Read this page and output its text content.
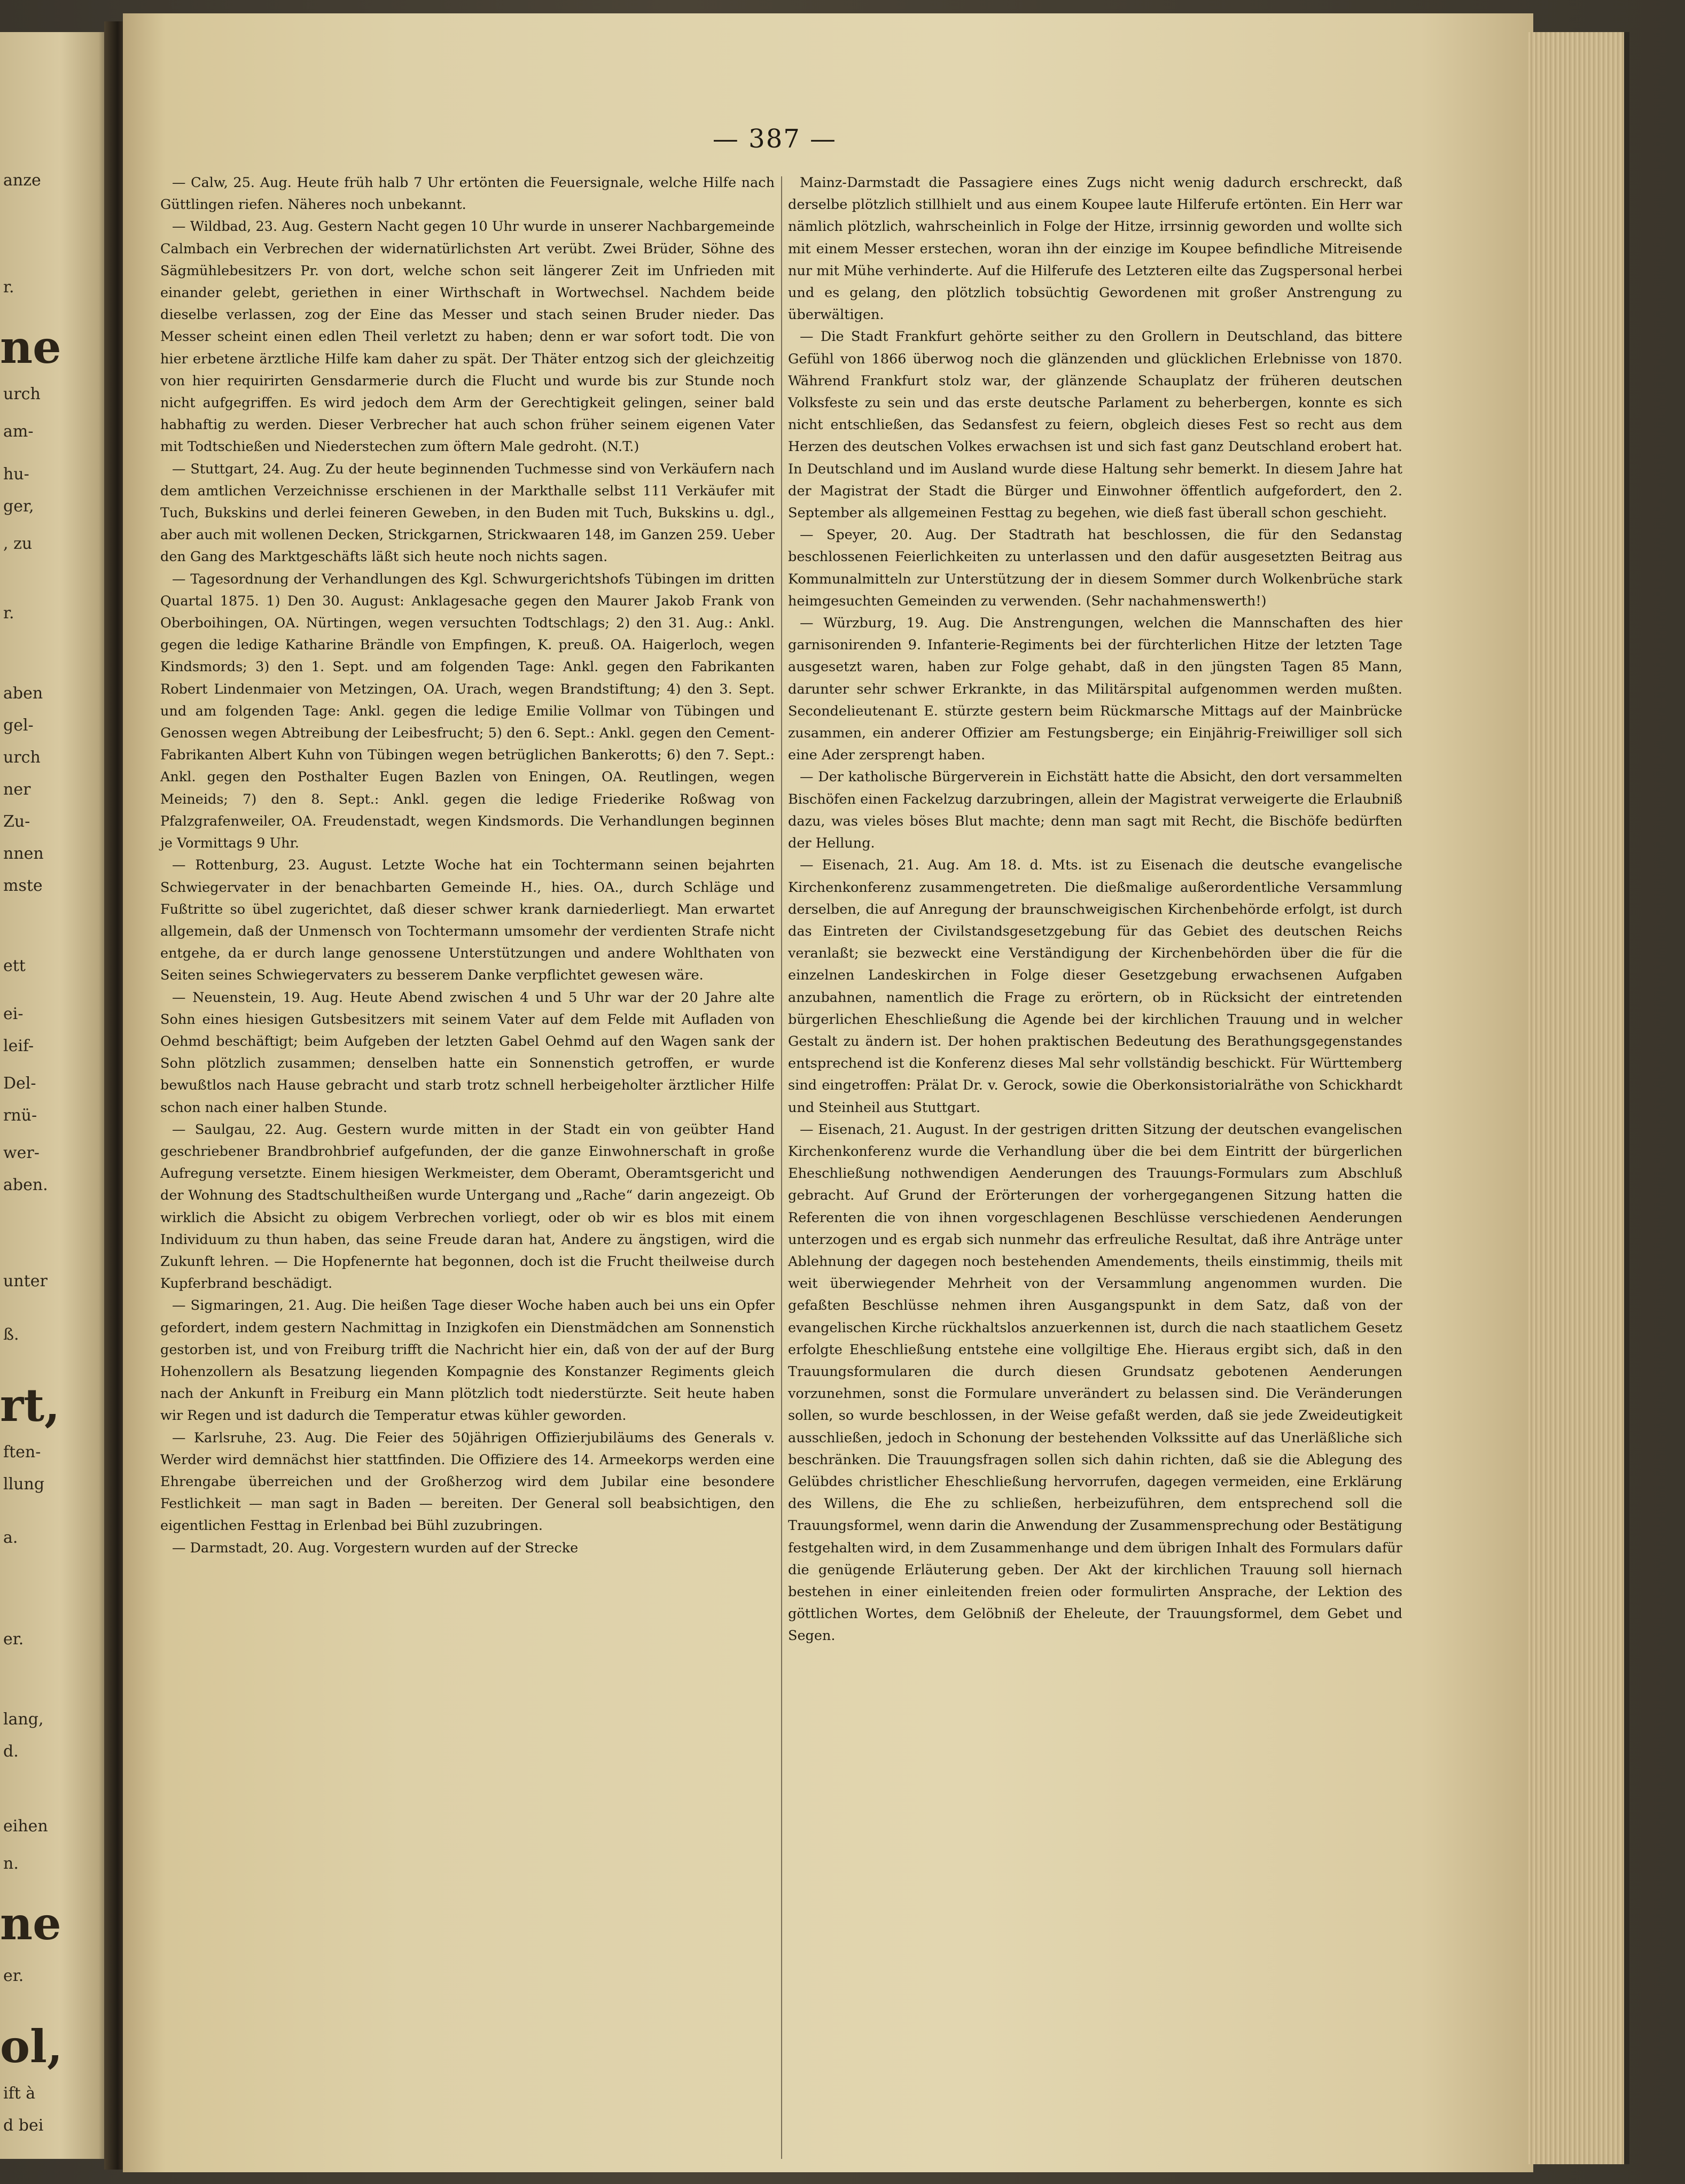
anze
r.
ne
urch
am-
hu-
ger,
, zu
r.
aben
gel-
urch
ner
Zu-
nnen
mste
ett
ei-
leif-
Del-
rnü-
wer-
aben.
unter
ß.
rt,
ften-
llung
a.
er.
lang,
d.
eihen
n.
ne
er.
ol,
ift à
d bei
— 387 —

— Calw, 25. Aug. Heute früh halb 7 Uhr ertönten die Feuersignale, welche Hilfe nach Güttlingen riefen. Näheres noch unbekannt.

— Wildbad, 23. Aug. Gestern Nacht gegen 10 Uhr wurde in unserer Nachbargemeinde Calmbach ein Verbrechen der widernatürlichsten Art verübt. Zwei Brüder, Söhne des Sägmühlebesitzers Pr. von dort, welche schon seit längerer Zeit im Unfrieden mit einander gelebt, geriethen in einer Wirthschaft in Wortwechsel. Nachdem beide dieselbe verlassen, zog der Eine das Messer und stach seinen Bruder nieder. Das Messer scheint einen edlen Theil verletzt zu haben; denn er war sofort todt. Die von hier erbetene ärztliche Hilfe kam daher zu spät. Der Thäter entzog sich der gleichzeitig von hier requirirten Gensdarmerie durch die Flucht und wurde bis zur Stunde noch nicht aufgegriffen. Es wird jedoch dem Arm der Gerechtigkeit gelingen, seiner bald habhaftig zu werden. Dieser Verbrecher hat auch schon früher seinem eigenen Vater mit Todtschießen und Niederstechen zum öftern Male gedroht. (N.T.)

— Stuttgart, 24. Aug. Zu der heute beginnenden Tuchmesse sind von Verkäufern nach dem amtlichen Verzeichnisse erschienen in der Markthalle selbst 111 Verkäufer mit Tuch, Bukskins und derlei feineren Geweben, in den Buden mit Tuch, Bukskins u. dgl., aber auch mit wollenen Decken, Strickgarnen, Strickwaaren 148, im Ganzen 259. Ueber den Gang des Marktgeschäfts läßt sich heute noch nichts sagen.

— Tagesordnung der Verhandlungen des Kgl. Schwurgerichtshofs Tübingen im dritten Quartal 1875. 1) Den 30. August: Anklagesache gegen den Maurer Jakob Frank von Oberboihingen, OA. Nürtingen, wegen versuchten Todtschlags; 2) den 31. Aug.: Ankl. gegen die ledige Katharine Brändle von Empfingen, K. preuß. OA. Haigerloch, wegen Kindsmords; 3) den 1. Sept. und am folgenden Tage: Ankl. gegen den Fabrikanten Robert Lindenmaier von Metzingen, OA. Urach, wegen Brandstiftung; 4) den 3. Sept. und am folgenden Tage: Ankl. gegen die ledige Emilie Vollmar von Tübingen und Genossen wegen Abtreibung der Leibesfrucht; 5) den 6. Sept.: Ankl. gegen den Cement-Fabrikanten Albert Kuhn von Tübingen wegen betrüglichen Bankerotts; 6) den 7. Sept.: Ankl. gegen den Posthalter Eugen Bazlen von Eningen, OA. Reutlingen, wegen Meineids; 7) den 8. Sept.: Ankl. gegen die ledige Friederike Roßwag von Pfalzgrafenweiler, OA. Freudenstadt, wegen Kindsmords. Die Verhandlungen beginnen je Vormittags 9 Uhr.

— Rottenburg, 23. August. Letzte Woche hat ein Tochtermann seinen bejahrten Schwiegervater in der benachbarten Gemeinde H., hies. OA., durch Schläge und Fußtritte so übel zugerichtet, daß dieser schwer krank darniederliegt. Man erwartet allgemein, daß der Unmensch von Tochtermann umsomehr der verdienten Strafe nicht entgehe, da er durch lange genossene Unterstützungen und andere Wohlthaten von Seiten seines Schwiegervaters zu besserem Danke verpflichtet gewesen wäre.

— Neuenstein, 19. Aug. Heute Abend zwischen 4 und 5 Uhr war der 20 Jahre alte Sohn eines hiesigen Gutsbesitzers mit seinem Vater auf dem Felde mit Aufladen von Oehmd beschäftigt; beim Aufgeben der letzten Gabel Oehmd auf den Wagen sank der Sohn plötzlich zusammen; denselben hatte ein Sonnenstich getroffen, er wurde bewußtlos nach Hause gebracht und starb trotz schnell herbeigeholter ärztlicher Hilfe schon nach einer halben Stunde.

— Saulgau, 22. Aug. Gestern wurde mitten in der Stadt ein von geübter Hand geschriebener Brandbrohbrief aufgefunden, der die ganze Einwohnerschaft in große Aufregung versetzte. Einem hiesigen Werkmeister, dem Oberamt, Oberamtsgericht und der Wohnung des Stadtschultheißen wurde Untergang und „Rache“ darin angezeigt. Ob wirklich die Absicht zu obigem Verbrechen vorliegt, oder ob wir es blos mit einem Individuum zu thun haben, das seine Freude daran hat, Andere zu ängstigen, wird die Zukunft lehren. — Die Hopfenernte hat begonnen, doch ist die Frucht theilweise durch Kupferbrand beschädigt.

— Sigmaringen, 21. Aug. Die heißen Tage dieser Woche haben auch bei uns ein Opfer gefordert, indem gestern Nachmittag in Inzigkofen ein Dienstmädchen am Sonnenstich gestorben ist, und von Freiburg trifft die Nachricht hier ein, daß von der auf der Burg Hohenzollern als Besatzung liegenden Kompagnie des Konstanzer Regiments gleich nach der Ankunft in Freiburg ein Mann plötzlich todt niederstürzte. Seit heute haben wir Regen und ist dadurch die Temperatur etwas kühler geworden.

— Karlsruhe, 23. Aug. Die Feier des 50jährigen Offizierjubiläums des Generals v. Werder wird demnächst hier stattfinden. Die Offiziere des 14. Armeekorps werden eine Ehrengabe überreichen und der Großherzog wird dem Jubilar eine besondere Festlichkeit — man sagt in Baden — bereiten. Der General soll beabsichtigen, den eigentlichen Festtag in Erlenbad bei Bühl zuzubringen.

— Darmstadt, 20. Aug. Vorgestern wurden auf der Strecke

Mainz-Darmstadt die Passagiere eines Zugs nicht wenig dadurch erschreckt, daß derselbe plötzlich stillhielt und aus einem Koupee laute Hilferufe ertönten. Ein Herr war nämlich plötzlich, wahrscheinlich in Folge der Hitze, irrsinnig geworden und wollte sich mit einem Messer erstechen, woran ihn der einzige im Koupee befindliche Mitreisende nur mit Mühe verhinderte. Auf die Hilferufe des Letzteren eilte das Zugspersonal herbei und es gelang, den plötzlich tobsüchtig Gewordenen mit großer Anstrengung zu überwältigen.

— Die Stadt Frankfurt gehörte seither zu den Grollern in Deutschland, das bittere Gefühl von 1866 überwog noch die glänzenden und glücklichen Erlebnisse von 1870. Während Frankfurt stolz war, der glänzende Schauplatz der früheren deutschen Volksfeste zu sein und das erste deutsche Parlament zu beherbergen, konnte es sich nicht entschließen, das Sedansfest zu feiern, obgleich dieses Fest so recht aus dem Herzen des deutschen Volkes erwachsen ist und sich fast ganz Deutschland erobert hat. In Deutschland und im Ausland wurde diese Haltung sehr bemerkt. In diesem Jahre hat der Magistrat der Stadt die Bürger und Einwohner öffentlich aufgefordert, den 2. September als allgemeinen Festtag zu begehen, wie dieß fast überall schon geschieht.

— Speyer, 20. Aug. Der Stadtrath hat beschlossen, die für den Sedanstag beschlossenen Feierlichkeiten zu unterlassen und den dafür ausgesetzten Beitrag aus Kommunalmitteln zur Unterstützung der in diesem Sommer durch Wolkenbrüche stark heimgesuchten Gemeinden zu verwenden. (Sehr nachahmenswerth!)

— Würzburg, 19. Aug. Die Anstrengungen, welchen die Mannschaften des hier garnisonirenden 9. Infanterie-Regiments bei der fürchterlichen Hitze der letzten Tage ausgesetzt waren, haben zur Folge gehabt, daß in den jüngsten Tagen 85 Mann, darunter sehr schwer Erkrankte, in das Militärspital aufgenommen werden mußten. Secondelieutenant E. stürzte gestern beim Rückmarsche Mittags auf der Mainbrücke zusammen, ein anderer Offizier am Festungsberge; ein Einjährig-Freiwilliger soll sich eine Ader zersprengt haben.

— Der katholische Bürgerverein in Eichstätt hatte die Absicht, den dort versammelten Bischöfen einen Fackelzug darzubringen, allein der Magistrat verweigerte die Erlaubniß dazu, was vieles böses Blut machte; denn man sagt mit Recht, die Bischöfe bedürften der Hellung.

— Eisenach, 21. Aug. Am 18. d. Mts. ist zu Eisenach die deutsche evangelische Kirchenkonferenz zusammengetreten. Die dießmalige außerordentliche Versammlung derselben, die auf Anregung der braunschweigischen Kirchenbehörde erfolgt, ist durch das Eintreten der Civilstandsgesetzgebung für das Gebiet des deutschen Reichs veranlaßt; sie bezweckt eine Verständigung der Kirchenbehörden über die für die einzelnen Landeskirchen in Folge dieser Gesetzgebung erwachsenen Aufgaben anzubahnen, namentlich die Frage zu erörtern, ob in Rücksicht der eintretenden bürgerlichen Eheschließung die Agende bei der kirchlichen Trauung und in welcher Gestalt zu ändern ist. Der hohen praktischen Bedeutung des Berathungsgegenstandes entsprechend ist die Konferenz dieses Mal sehr vollständig beschickt. Für Württemberg sind eingetroffen: Prälat Dr. v. Gerock, sowie die Oberkonsistorialräthe von Schickhardt und Steinheil aus Stuttgart.

— Eisenach, 21. August. In der gestrigen dritten Sitzung der deutschen evangelischen Kirchenkonferenz wurde die Verhandlung über die bei dem Eintritt der bürgerlichen Eheschließung nothwendigen Aenderungen des Trauungs-Formulars zum Abschluß gebracht. Auf Grund der Erörterungen der vorhergegangenen Sitzung hatten die Referenten die von ihnen vorgeschlagenen Beschlüsse verschiedenen Aenderungen unterzogen und es ergab sich nunmehr das erfreuliche Resultat, daß ihre Anträge unter Ablehnung der dagegen noch bestehenden Amendements, theils einstimmig, theils mit weit überwiegender Mehrheit von der Versammlung angenommen wurden. Die gefaßten Beschlüsse nehmen ihren Ausgangspunkt in dem Satz, daß von der evangelischen Kirche rückhaltslos anzuerkennen ist, durch die nach staatlichem Gesetz erfolgte Eheschließung entstehe eine vollgiltige Ehe. Hieraus ergibt sich, daß in den Trauungsformularen die durch diesen Grundsatz gebotenen Aenderungen vorzunehmen, sonst die Formulare unverändert zu belassen sind. Die Veränderungen sollen, so wurde beschlossen, in der Weise gefaßt werden, daß sie jede Zweideutigkeit ausschließen, jedoch in Schonung der bestehenden Volkssitte auf das Unerläßliche sich beschränken. Die Trauungsfragen sollen sich dahin richten, daß sie die Ablegung des Gelübdes christlicher Eheschließung hervorrufen, dagegen vermeiden, eine Erklärung des Willens, die Ehe zu schließen, herbeizuführen, dem entsprechend soll die Trauungsformel, wenn darin die Anwendung der Zusammensprechung oder Bestätigung festgehalten wird, in dem Zusammenhange und dem übrigen Inhalt des Formulars dafür die genügende Erläuterung geben. Der Akt der kirchlichen Trauung soll hiernach bestehen in einer einleitenden freien oder formulirten Ansprache, der Lektion des göttlichen Wortes, dem Gelöbniß der Eheleute, der Trauungsformel, dem Gebet und Segen.
